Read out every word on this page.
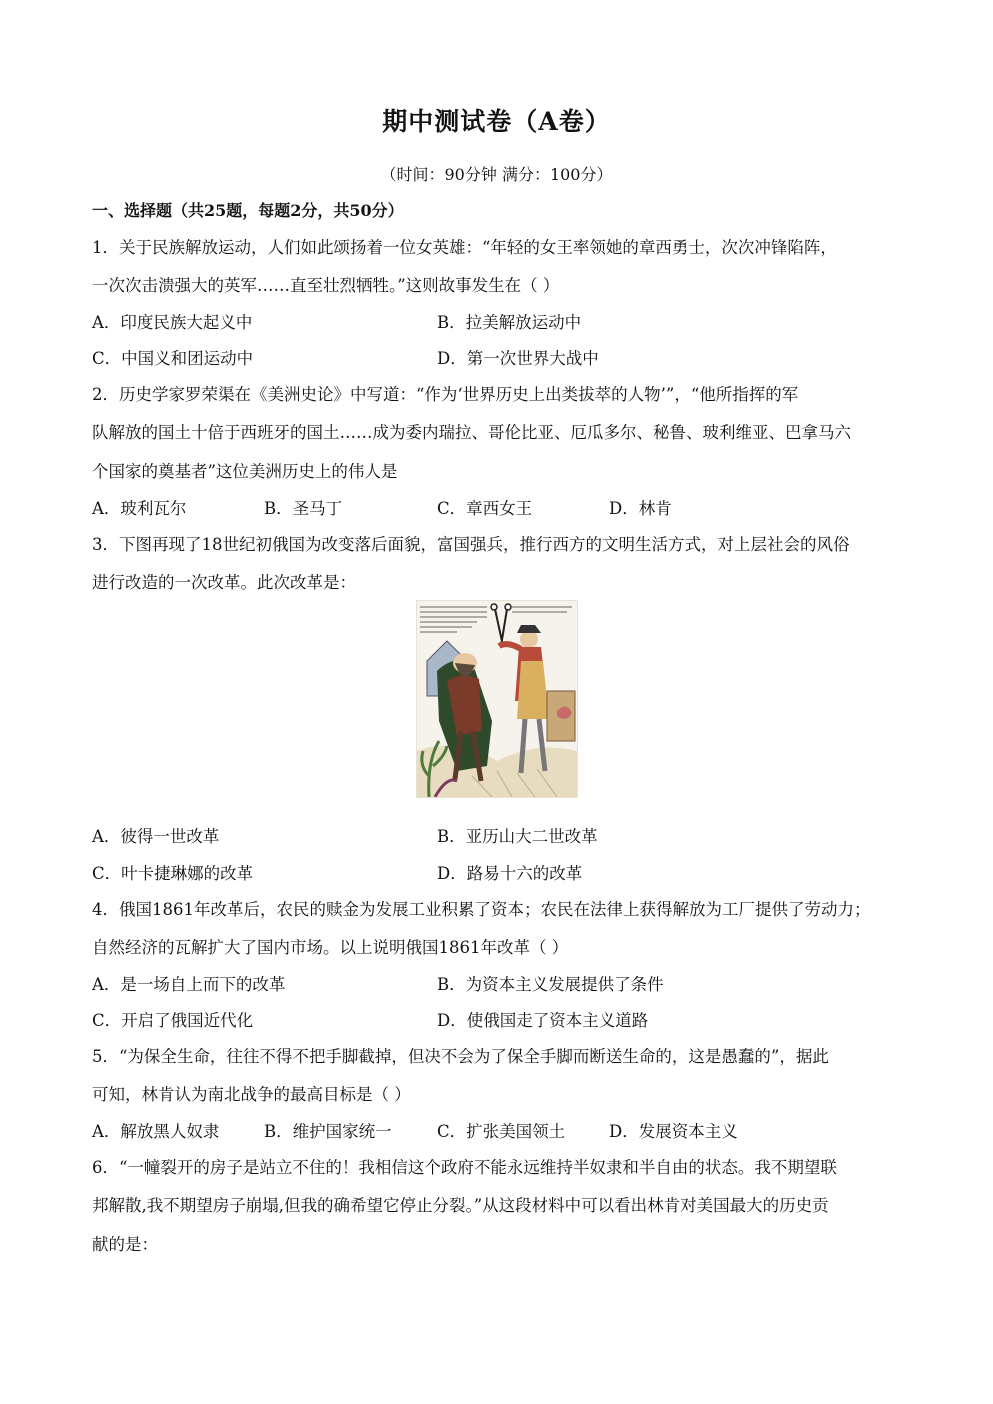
期中测试卷（A卷）
（时间：90分钟 满分：100分）
一、选择题（共25题，每题2分，共50分）
1．关于民族解放运动，人们如此颂扬着一位女英雄：“年轻的女王率领她的章西勇士，次次冲锋陷阵，
一次次击溃强大的英军……直至壮烈牺牲。”这则故事发生在（ ）
A．印度民族大起义中	B．拉美解放运动中
C．中国义和团运动中	D．第一次世界大战中
2．历史学家罗荣渠在《美洲史论》中写道：“作为‘世界历史上出类拔萃的人物’”，“他所指挥的军
队解放的国土十倍于西班牙的国土……成为委内瑞拉、哥伦比亚、厄瓜多尔、秘鲁、玻利维亚、巴拿马六
个国家的奠基者”这位美洲历史上的伟人是
A．玻利瓦尔	B．圣马丁	C．章西女王	D．林肯
3．下图再现了18世纪初俄国为改变落后面貌，富国强兵，推行西方的文明生活方式，对上层社会的风俗
进行改造的一次改革。此次改革是：
A．彼得一世改革	B．亚历山大二世改革
C．叶卡捷琳娜的改革	D．路易十六的改革
4．俄国1861年改革后，农民的赎金为发展工业积累了资本；农民在法律上获得解放为工厂提供了劳动力；
自然经济的瓦解扩大了国内市场。以上说明俄国1861年改革（ ）
A．是一场自上而下的改革	B．为资本主义发展提供了条件
C．开启了俄国近代化	D．使俄国走了资本主义道路
5．“为保全生命，往往不得不把手脚截掉，但决不会为了保全手脚而断送生命的，这是愚蠢的”，据此
可知，林肯认为南北战争的最高目标是（ ）
A．解放黑人奴隶	B．维护国家统一	C．扩张美国领土	D．发展资本主义
6．“一幢裂开的房子是站立不住的！我相信这个政府不能永远维持半奴隶和半自由的状态。我不期望联
邦解散,我不期望房子崩塌,但我的确希望它停止分裂。”从这段材料中可以看出林肯对美国最大的历史贡
献的是：
